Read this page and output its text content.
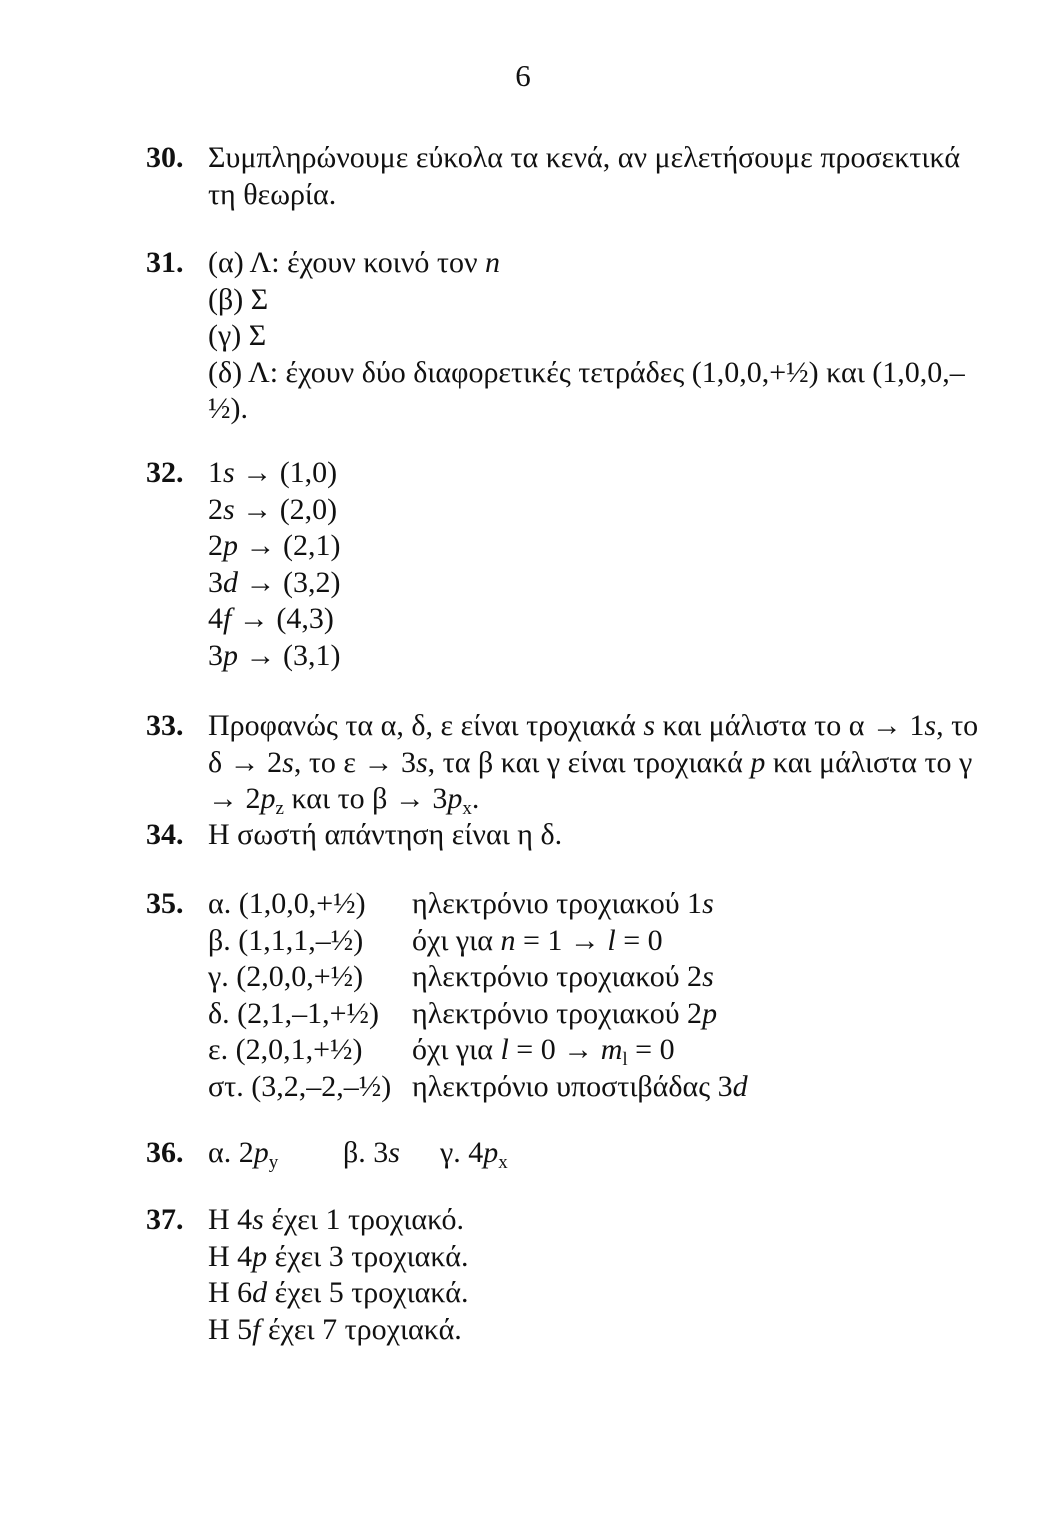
6
30. Συμπληρώνουμε εύκολα τα κενά, αν μελετήσουμε προσεκτικά
τη θεωρία.
31. (α) Λ: έχουν κοινό τον n
(β) Σ
(γ) Σ
(δ) Λ: έχουν δύο διαφορετικές τετράδες (1,0,0,+½) και (1,0,0,–
½).
32. 1s → (1,0)
2s → (2,0)
2p → (2,1)
3d → (3,2)
4f → (4,3)
3p → (3,1)
33. Προφανώς τα α, δ, ε είναι τροχιακά s και μάλιστα το α → 1s, το
δ → 2s, το ε → 3s, τα β και γ είναι τροχιακά p και μάλιστα το γ
→ $2p_z$ και το $\beta \to 3p_x$.
34. Η σωστή απάντηση είναι η δ.
35. α. (1,0,0,+½)	ηλεκτρόνιο τροχιακού 1s
β. (1,1,1,–½)	όχι για n = 1 → l = 0
γ. (2,0,0,+½)	ηλεκτρόνιο τροχιακού 2s
δ. (2,1,–1,+½)	ηλεκτρόνιο τροχιακού 2p
ε. (2,0,1,+½)	όχι για $l = 0 \to m_l = 0$
στ. (3,2,–2,–½) ηλεκτρόνιο υποστιβάδας 3d
36. α. 2py β. 3s γ. 4px
37. Η 4s έχει 1 τροχιακό.
Η 4p έχει 3 τροχιακά.
Η 6d έχει 5 τροχιακά.
Η 5f έχει 7 τροχιακά.
